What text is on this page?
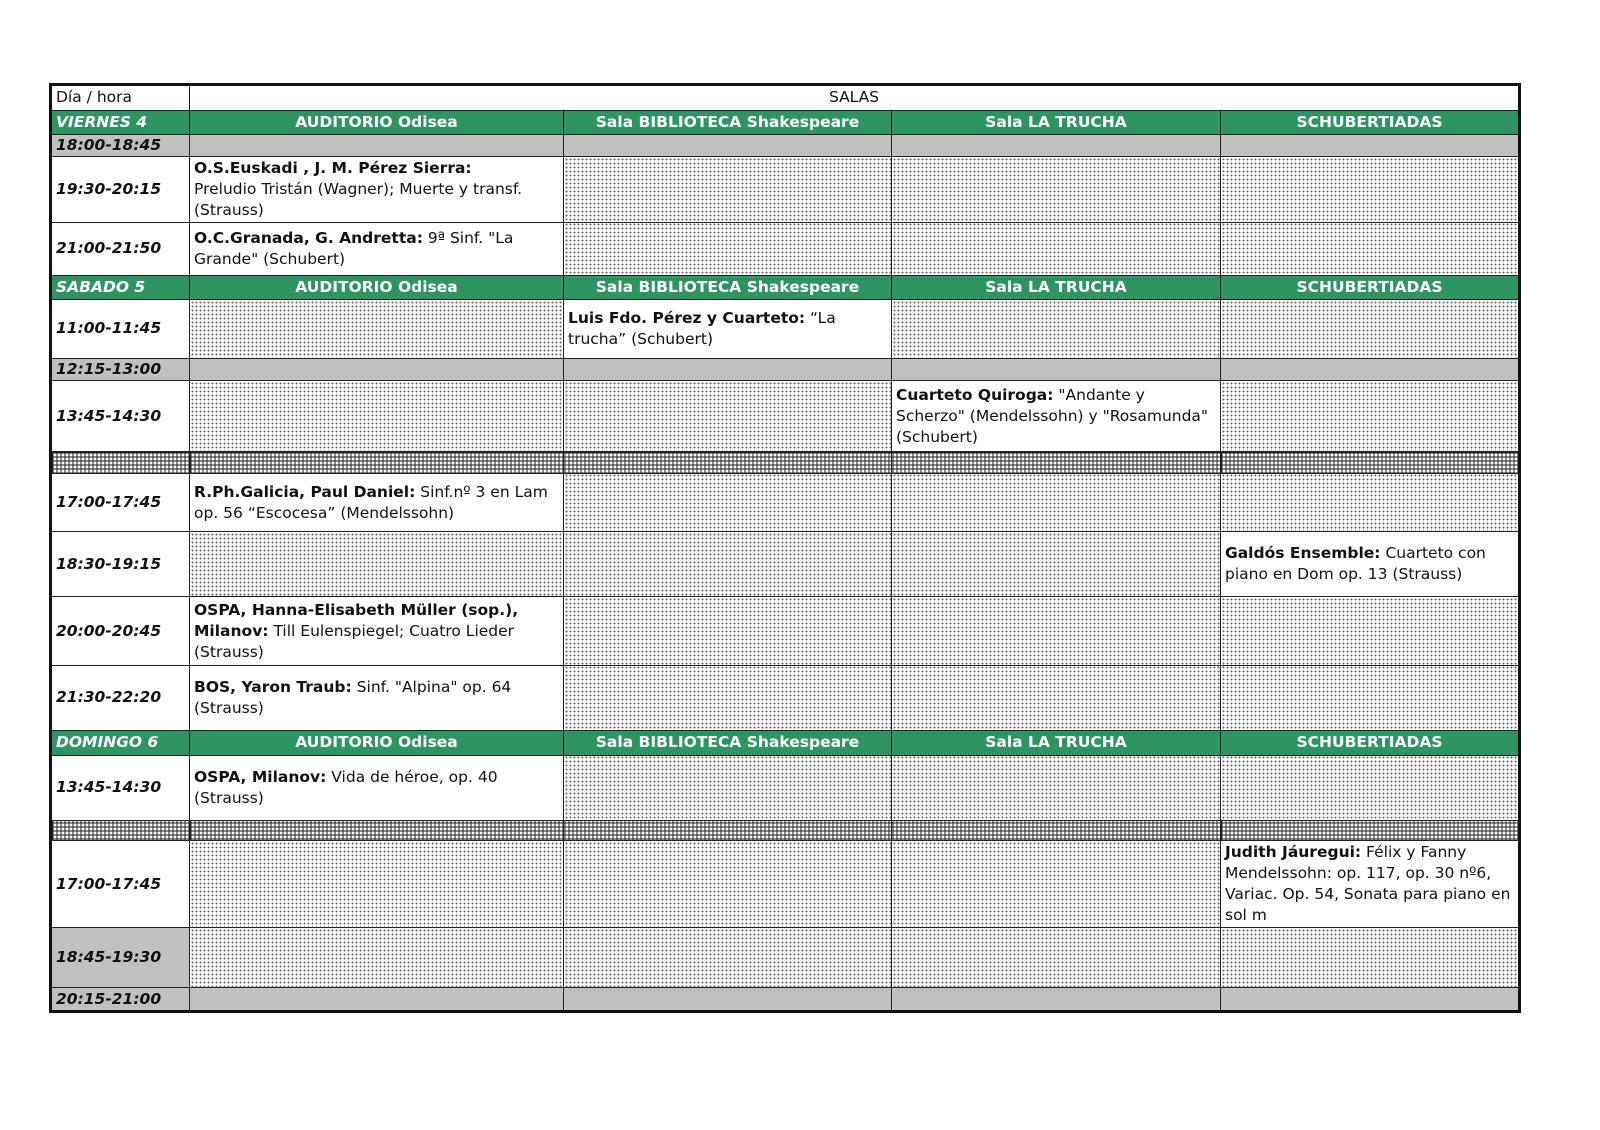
Día / hora	SALAS			
VIERNES 4	AUDITORIO Odisea	Sala BIBLIOTECA Shakespeare	Sala LA TRUCHA	SCHUBERTIADAS
18:00-18:45				
19:30-20:15	O.S.Euskadi , J. M. Pérez Sierra:
Preludio Tristán (Wagner); Muerte y transf. (Strauss)			
21:00-21:50	O.C.Granada, G. Andretta: 9ª Sinf. "La Grande" (Schubert)			
SABADO 5	AUDITORIO Odisea	Sala BIBLIOTECA Shakespeare	Sala LA TRUCHA	SCHUBERTIADAS
11:00-11:45		Luis Fdo. Pérez y Cuarteto: “La trucha” (Schubert)		
12:15-13:00				
13:45-14:30			Cuarteto Quiroga: "Andante y Scherzo" (Mendelssohn) y "Rosamunda" (Schubert)	

17:00-17:45	R.Ph.Galicia, Paul Daniel: Sinf.nº 3 en Lam op. 56 “Escocesa” (Mendelssohn)			
18:30-19:15				Galdós Ensemble: Cuarteto con piano en Dom op. 13 (Strauss)
20:00-20:45	OSPA, Hanna-Elisabeth Müller (sop.), Milanov: Till Eulenspiegel; Cuatro Lieder (Strauss)			
21:30-22:20	BOS, Yaron Traub: Sinf. "Alpina" op. 64 (Strauss)			
DOMINGO 6	AUDITORIO Odisea	Sala BIBLIOTECA Shakespeare	Sala LA TRUCHA	SCHUBERTIADAS
13:45-14:30	OSPA, Milanov: Vida de héroe, op. 40 (Strauss)			

17:00-17:45				Judith Jáuregui: Félix y Fanny Mendelssohn: op. 117, op. 30 nº6, Variac. Op. 54, Sonata para piano en sol m
18:45-19:30				
20:15-21:00				
